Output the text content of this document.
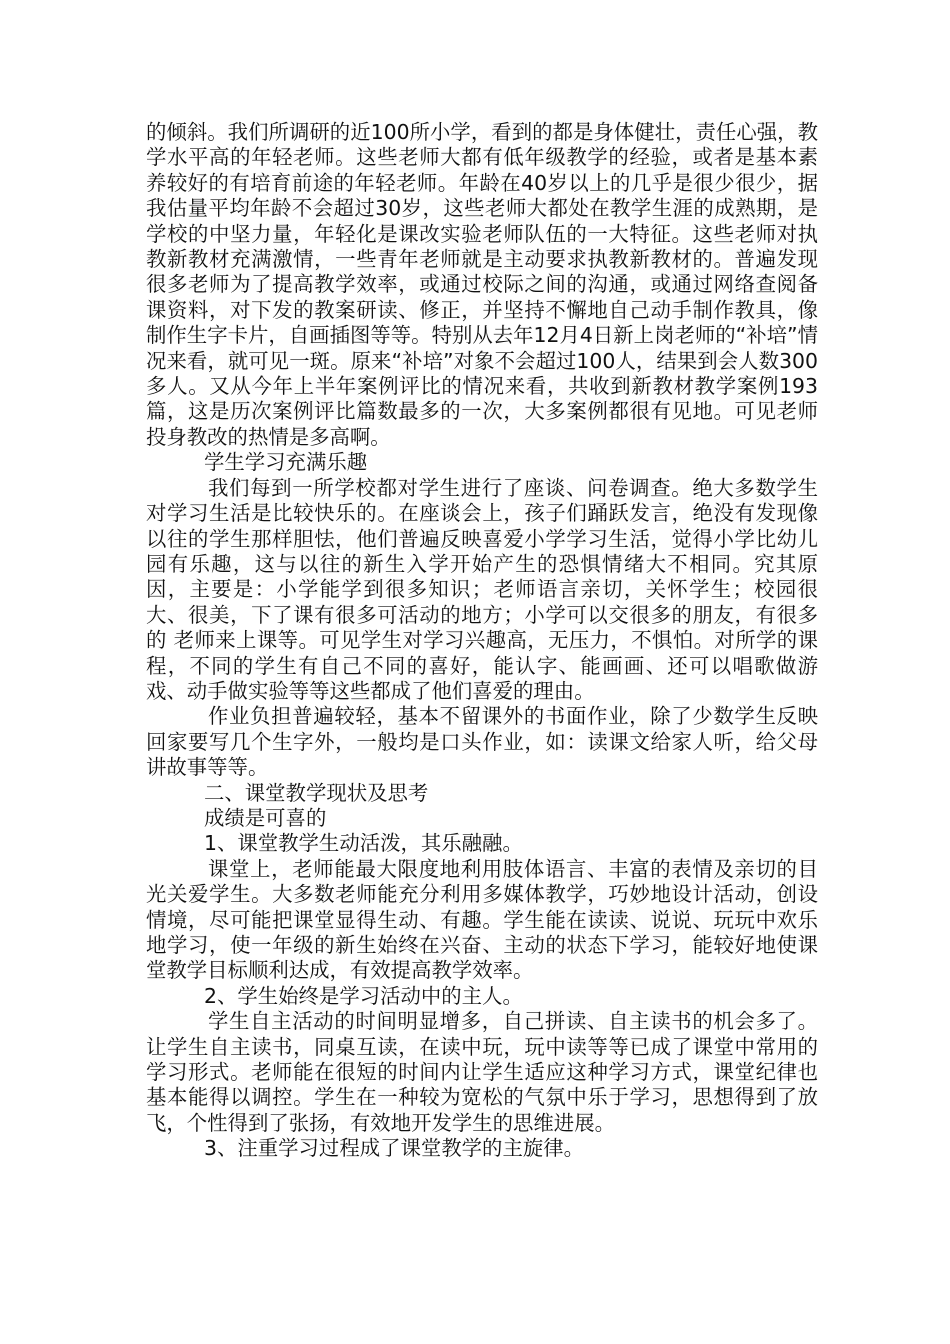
的倾斜。我们所调研的近100所小学，看到的都是身体健壮，责任心强，教学水平高的年轻老师。这些老师大都有低年级教学的经验，或者是基本素养较好的有培育前途的年轻老师。年龄在40岁以上的几乎是很少很少，据我估量平均年龄不会超过30岁，这些老师大都处在教学生涯的成熟期，是学校的中坚力量，年轻化是课改实验老师队伍的一大特征。这些老师对执教新教材充满激情，一些青年老师就是主动要求执教新教材的。普遍发现很多老师为了提高教学效率，或通过校际之间的沟通，或通过网络查阅备课资料，对下发的教案研读、修正，并坚持不懈地自己动手制作教具，像制作生字卡片，自画插图等等。特别从去年12月4日新上岗老师的“补培”情况来看，就可见一斑。原来“补培”对象不会超过100人，结果到会人数300多人。又从今年上半年案例评比的情况来看，共收到新教材教学案例193篇，这是历次案例评比篇数最多的一次，大多案例都很有见地。可见老师投身教改的热情是多高啊。

学生学习充满乐趣

我们每到一所学校都对学生进行了座谈、问卷调查。绝大多数学生对学习生活是比较快乐的。在座谈会上，孩子们踊跃发言，绝没有发现像以往的学生那样胆怯，他们普遍反映喜爱小学学习生活，觉得小学比幼儿园有乐趣，这与以往的新生入学开始产生的恐惧情绪大不相同。究其原因，主要是：小学能学到很多知识；老师语言亲切，关怀学生；校园很大、很美，下了课有很多可活动的地方；小学可以交很多的朋友，有很多的 老师来上课等。可见学生对学习兴趣高，无压力，不惧怕。对所学的课程，不同的学生有自己不同的喜好，能认字、能画画、还可以唱歌做游戏、动手做实验等等这些都成了他们喜爱的理由。

作业负担普遍较轻，基本不留课外的书面作业，除了少数学生反映回家要写几个生字外，一般均是口头作业，如：读课文给家人听，给父母讲故事等等。

二、课堂教学现状及思考

成绩是可喜的

1、课堂教学生动活泼，其乐融融。

课堂上，老师能最大限度地利用肢体语言、丰富的表情及亲切的目光关爱学生。大多数老师能充分利用多媒体教学，巧妙地设计活动，创设情境，尽可能把课堂显得生动、有趣。学生能在读读、说说、玩玩中欢乐地学习，使一年级的新生始终在兴奋、主动的状态下学习，能较好地使课堂教学目标顺利达成，有效提高教学效率。

2、学生始终是学习活动中的主人。

学生自主活动的时间明显增多，自己拼读、自主读书的机会多了。让学生自主读书，同桌互读，在读中玩，玩中读等等已成了课堂中常用的学习形式。老师能在很短的时间内让学生适应这种学习方式，课堂纪律也基本能得以调控。学生在一种较为宽松的气氛中乐于学习，思想得到了放飞，个性得到了张扬，有效地开发学生的思维进展。

3、注重学习过程成了课堂教学的主旋律。
